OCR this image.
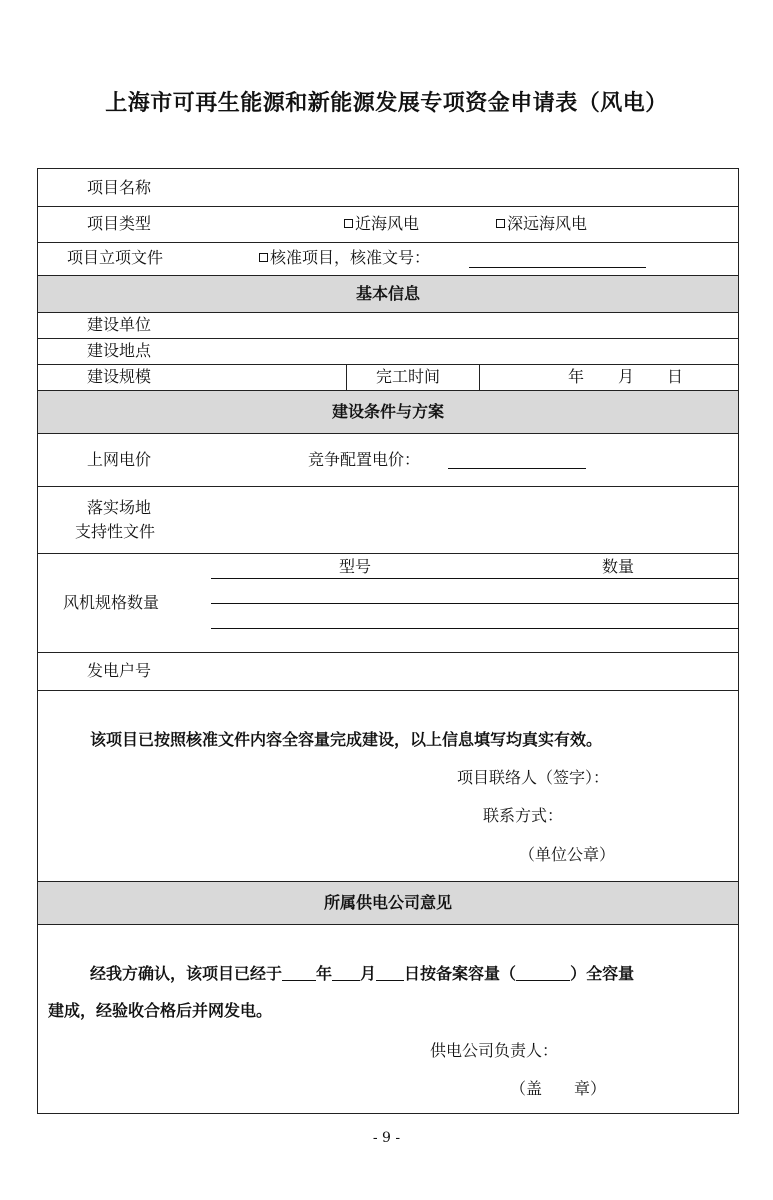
上海市可再生能源和新能源发展专项资金申请表（风电）
项目名称
项目类型	近海风电	深远海风电
项目立项文件	核准项目，核准文号：
基本信息
建设单位
建设地点
建设规模	完工时间	年 月 日
建设条件与方案
上网电价	竞争配置电价：
落实场地
支持性文件
型号	数量
风机规格数量
发电户号
该项目已按照核准文件内容全容量完成建设，以上信息填写均真实有效。
项目联络人（签字）：
联系方式：
（单位公章）
所属供电公司意见
经我方确认，该项目已经于 年 月 日按备案容量（	）全容量
建成，经验收合格后并网发电。
供电公司负责人：
（盖　　章）
- 9 -
